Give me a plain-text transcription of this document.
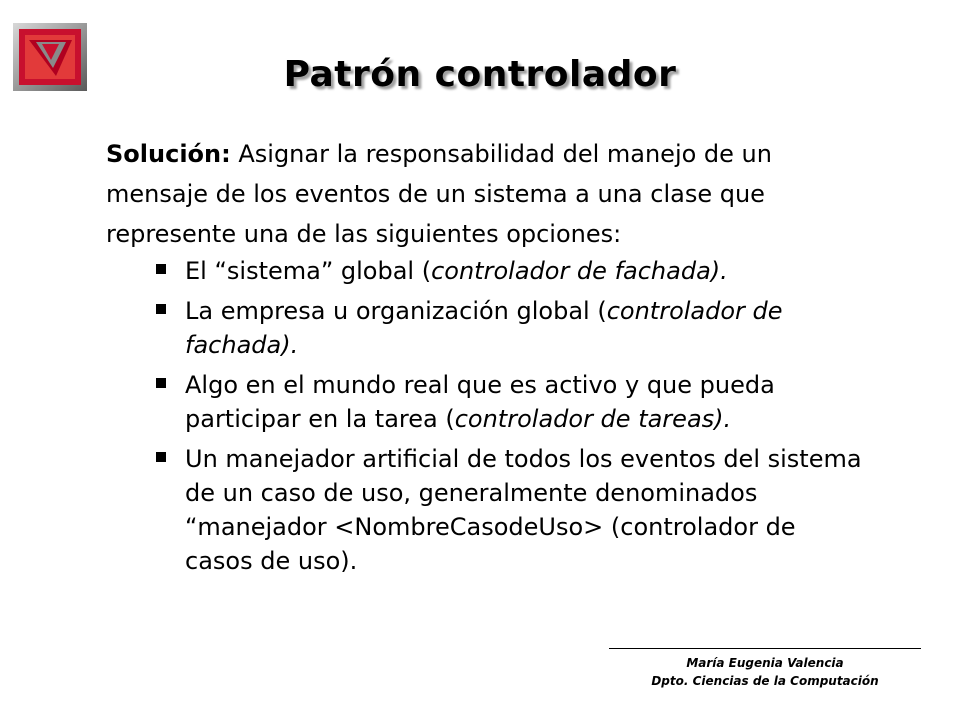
Patrón controlador
Solución: Asignar la responsabilidad del manejo de un
mensaje de los eventos de un sistema a una clase que
represente una de las siguientes opciones:
El “sistema” global (controlador de fachada).
La empresa u organización global (controlador de fachada).
Algo en el mundo real que es activo y que pueda participar en la tarea (controlador de tareas).
Un manejador artificial de todos los eventos del sistema de un caso de uso, generalmente denominados “manejador <NombreCasodeUso> (controlador de casos de uso).
María Eugenia Valencia
Dpto. Ciencias de la Computación
